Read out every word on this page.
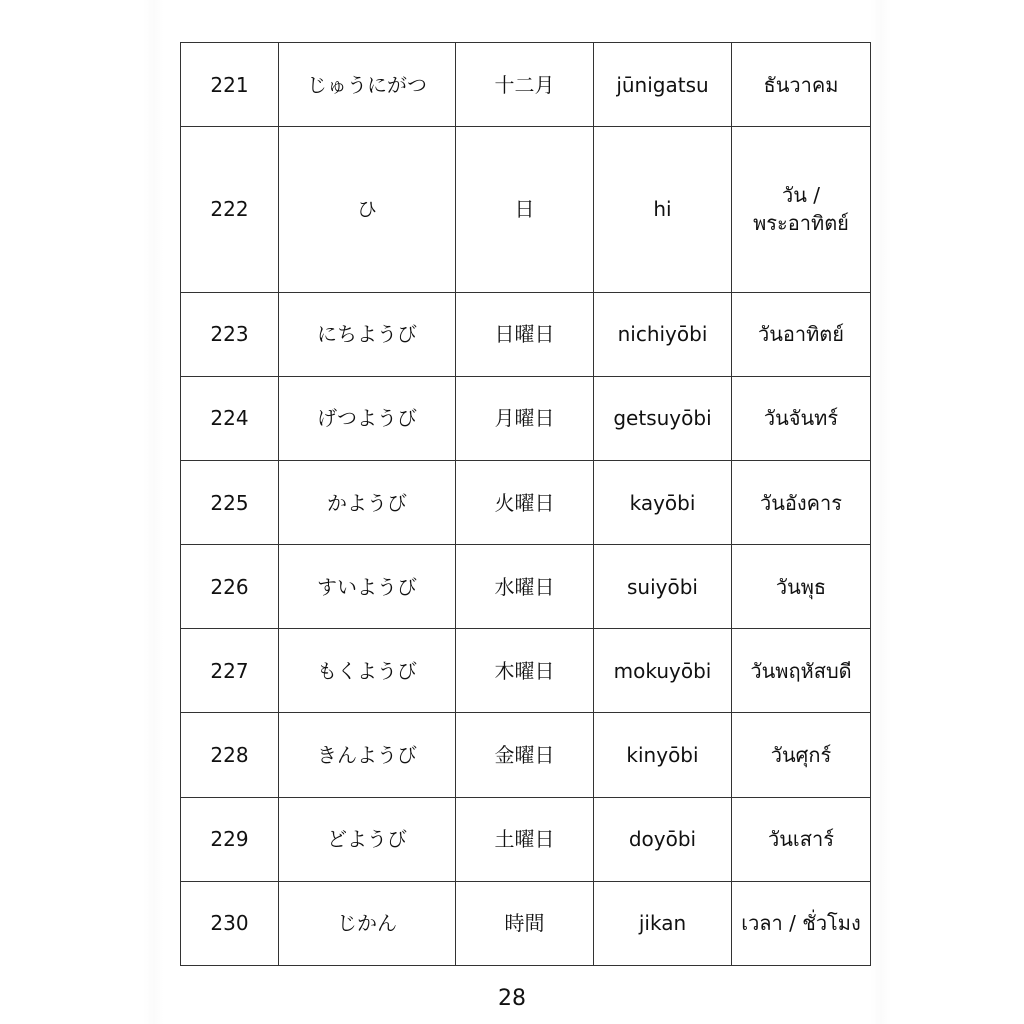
221	じゅうにがつ	十二月	jūnigatsu	ธันวาคม
222	ひ	日	hi	วัน / พระอาทิตย์
223	にちようび	日曜日	nichiyōbi	วันอาทิตย์
224	げつようび	月曜日	getsuyōbi	วันจันทร์
225	かようび	火曜日	kayōbi	วันอังคาร
226	すいようび	水曜日	suiyōbi	วันพุธ
227	もくようび	木曜日	mokuyōbi	วันพฤหัสบดี
228	きんようび	金曜日	kinyōbi	วันศุกร์
229	どようび	土曜日	doyōbi	วันเสาร์
230	じかん	時間	jikan	เวลา / ชั่วโมง
28
